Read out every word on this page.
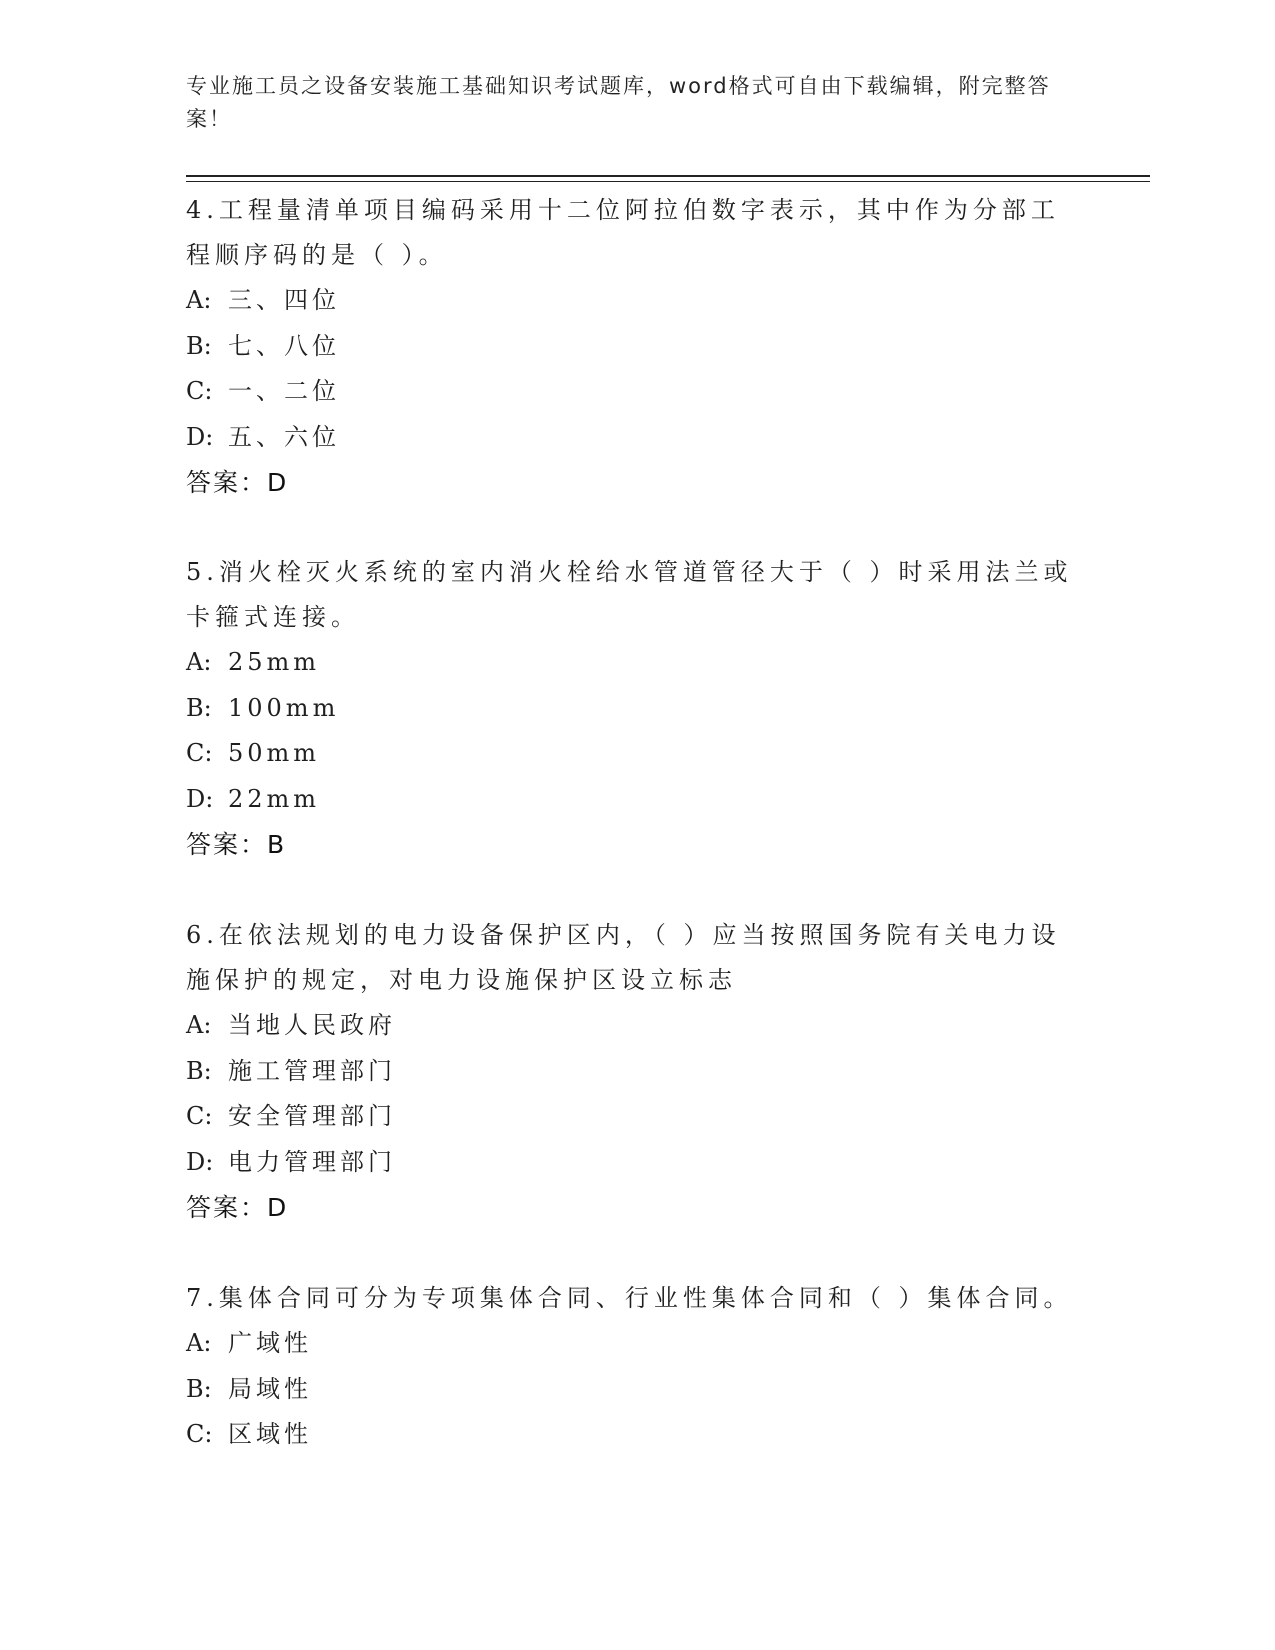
专业施工员之设备安装施工基础知识考试题库，word格式可自由下载编辑，附完整答案！

4.工程量清单项目编码采用十二位阿拉伯数字表示，其中作为分部工程顺序码的是（ ）。

A: 三、四位
B: 七、八位
C: 一、二位
D: 五、六位
答案：D

5.消火栓灭火系统的室内消火栓给水管道管径大于（ ）时采用法兰或卡箍式连接。

A: 25mm
B: 100mm
C: 50mm
D: 22mm
答案：B

6.在依法规划的电力设备保护区内，（ ）应当按照国务院有关电力设施保护的规定，对电力设施保护区设立标志

A: 当地人民政府
B: 施工管理部门
C: 安全管理部门
D: 电力管理部门
答案：D

7.集体合同可分为专项集体合同、行业性集体合同和（ ）集体合同。

A: 广域性
B: 局域性
C: 区域性
